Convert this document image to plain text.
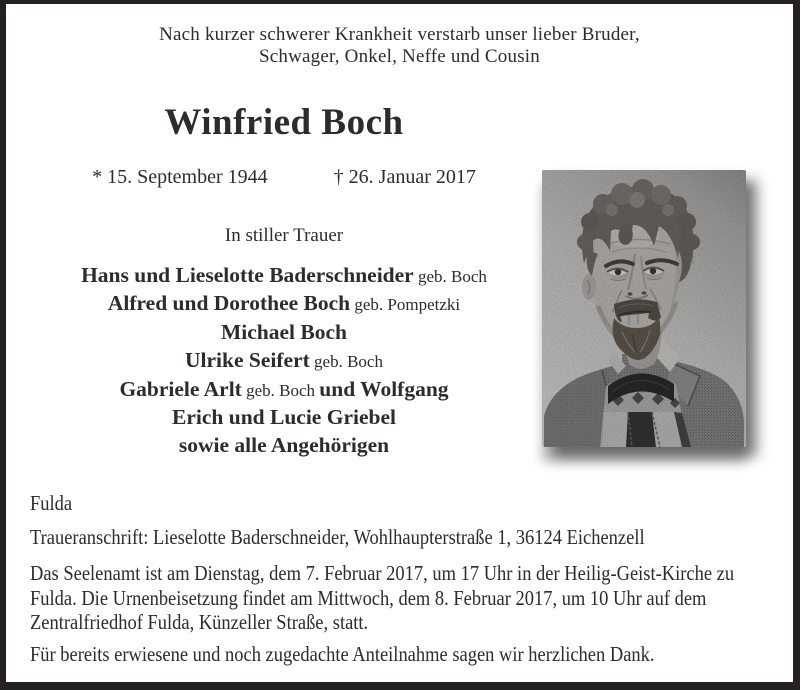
Nach kurzer schwerer Krankheit verstarb unser lieber Bruder,
Schwager, Onkel, Neffe und Cousin
Winfried Boch
* 15. September 1944	† 26. Januar 2017
In stiller Trauer
Hans und Lieselotte Baderschneider geb. Boch
Alfred und Dorothee Boch geb. Pompetzki
Michael Boch
Ulrike Seifert geb. Boch
Gabriele Arlt geb. Boch und Wolfgang
Erich und Lucie Griebel
sowie alle Angehörigen
Fulda
Traueranschrift: Lieselotte Baderschneider, Wohlhaupterstraße 1, 36124 Eichenzell
Das Seelenamt ist am Dienstag, dem 7. Februar 2017, um 17 Uhr in der Heilig-Geist-Kirche zu
Fulda. Die Urnenbeisetzung findet am Mittwoch, dem 8. Februar 2017, um 10 Uhr auf dem
Zentralfriedhof Fulda, Künzeller Straße, statt.
Für bereits erwiesene und noch zugedachte Anteilnahme sagen wir herzlichen Dank.
